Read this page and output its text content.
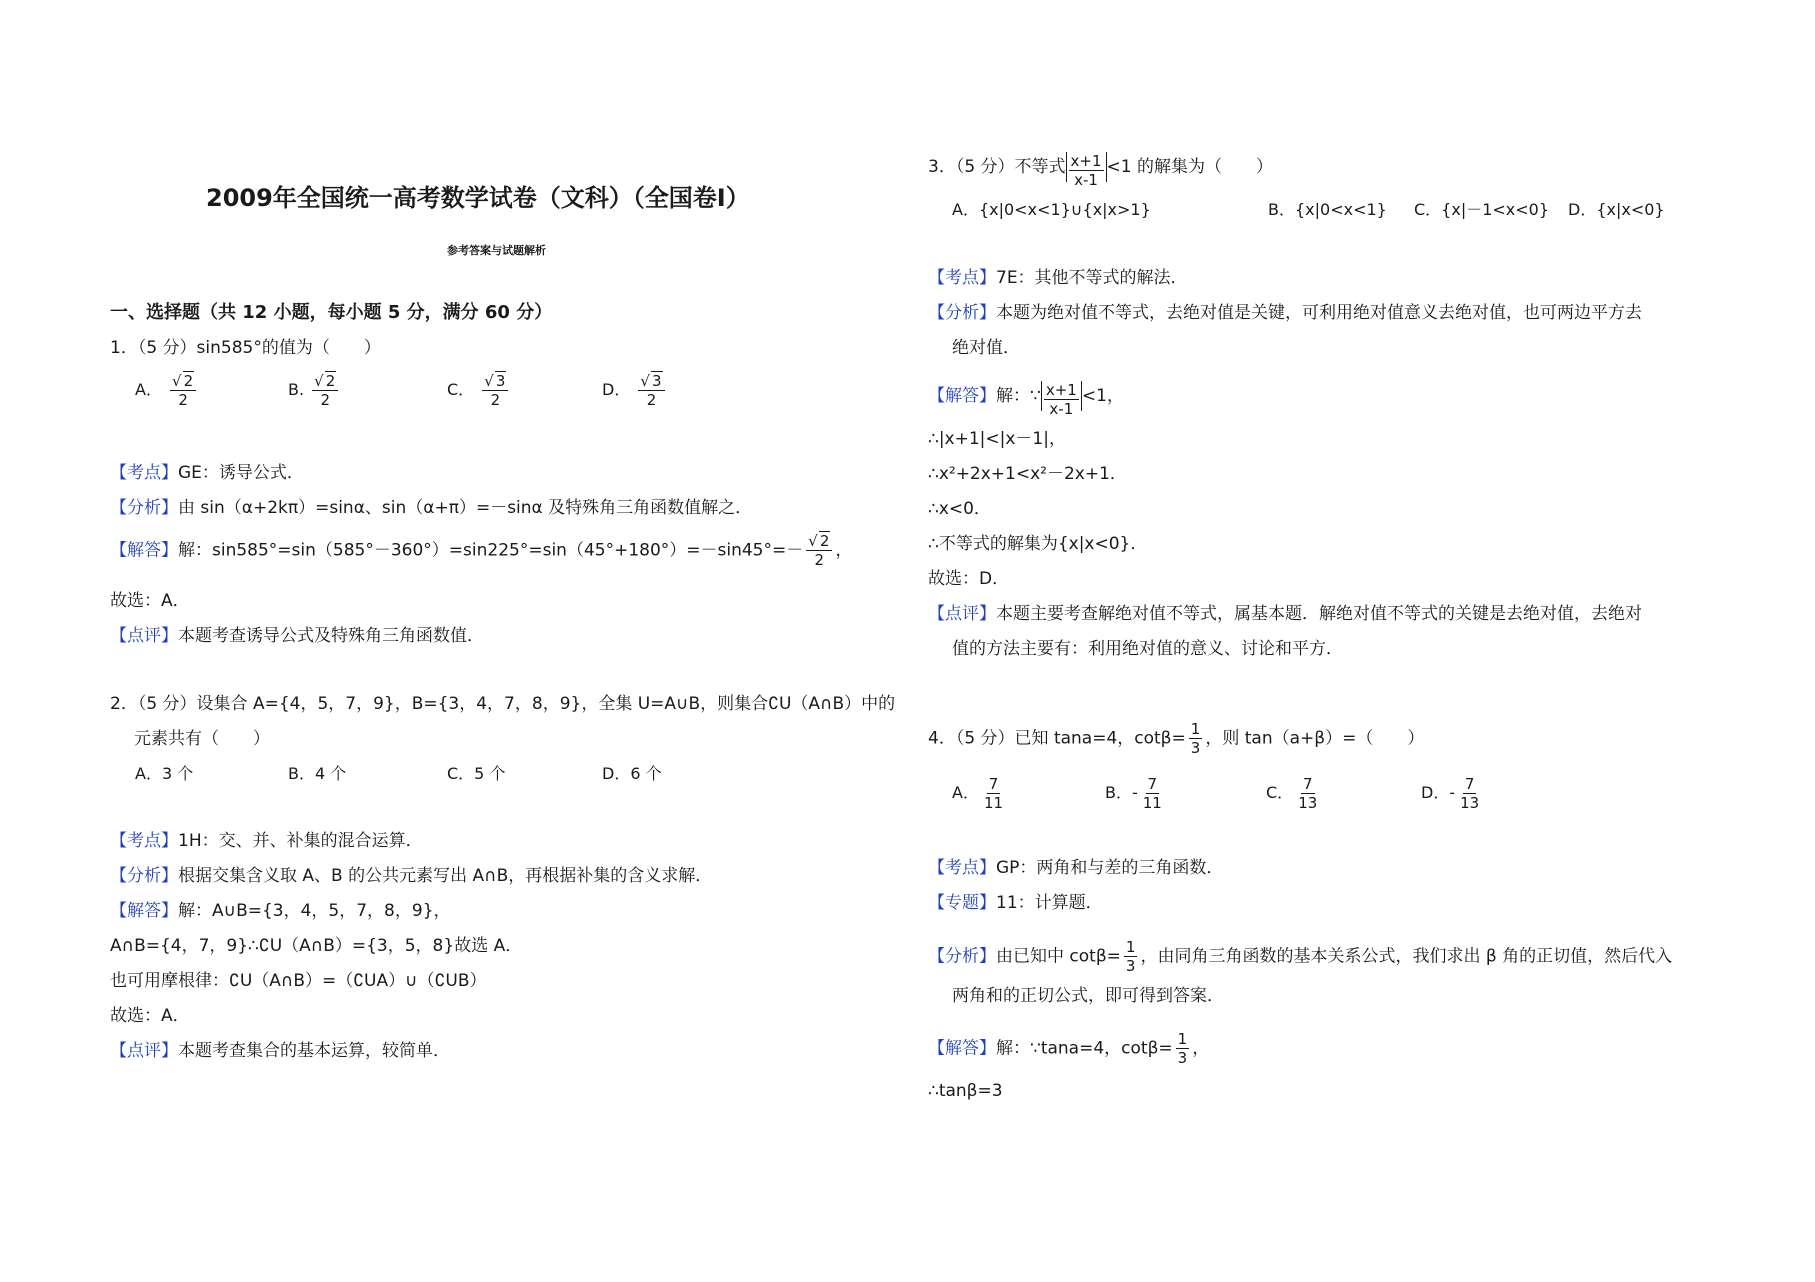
2009年全国统一高考数学试卷（文科）（全国卷I）
参考答案与试题解析
一、选择题（共 12 小题，每小题 5 分，满分 60 分）
1．（5 分）sin585°的值为（　　）
A． $\frac{√ 2}{2}$	B. $\frac{√ 2}{2}$	C． $\frac{√ 3}{2}$	D． $\frac{√ 3}{2}$
【考点】GE：诱导公式．
【分析】由 sin（α+2kπ）=sinα、sin（α+π）=－sinα 及特殊角三角函数值解之．
【解答】解：$\sin 585^\circ=\sin(585^\circ-360^\circ)=\sin 225^\circ=\sin(45^\circ+180^\circ)=-\sin 45^\circ=- \frac{√ 2}{2}$ ，
故选：A．
【点评】本题考查诱导公式及特殊角三角函数值．
2．（5 分）设集合 A={4，5，7，9}，B={3，4，7，8，9}，全集 U=A∪B，则集合∁U（A∩B）中的
元素共有（　　）
A．3 个	B．4 个	C．5 个	D．6 个
【考点】1H：交、并、补集的混合运算．
【分析】根据交集含义取 A、B 的公共元素写出 A∩B，再根据补集的含义求解．
【解答】解：A∪B={3，4，5，7，8，9}，
A∩B={4，7，9}∴∁U（A∩B）={3，5，8}故选 A．
也可用摩根律：∁U（A∩B）=（∁UA）∪（∁UB）
故选：A．
【点评】本题考查集合的基本运算，较简单．
3．（5 分）不等式 $\frac{x+1}{x-1} <1$ 的解集为（　　）
A．{x|0<x<1}∪{x|x>1}	B．{x|0<x<1} C．{x|－1<x<0} D．{x|x<0}
【考点】7E：其他不等式的解法．
【分析】本题为绝对值不等式，去绝对值是关键，可利用绝对值意义去绝对值，也可两边平方去
绝对值．
【解答】解：∵ $\frac{x+1}{x-1} <1$，
∴|x+1|<|x－1|，
∴x²+2x+1<x²－2x+1．
∴x<0．
∴不等式的解集为{x|x<0}．
故选：D．
【点评】本题主要考查解绝对值不等式，属基本题．解绝对值不等式的关键是去绝对值，去绝对
值的方法主要有：利用绝对值的意义、讨论和平方．
4．（5 分）已知 tana=4，$\cot\beta= \frac{1}{3}$ ，则 tan（a+β）=（　　）
A． $\frac{7}{11}$	B．- $\frac{7}{11}$	C． $\frac{7}{13}$	D．- $\frac{7}{13}$
【考点】GP：两角和与差的三角函数．
【专题】11：计算题．
【分析】由已知中 $\cot\beta= \frac{1}{3}$ ，由同角三角函数的基本关系公式，我们求出 β 角的正切值，然后代入
两角和的正切公式，即可得到答案．
【解答】解：∵tana=4，$\cot\beta= \frac{1}{3}$ ，
∴tanβ=3
